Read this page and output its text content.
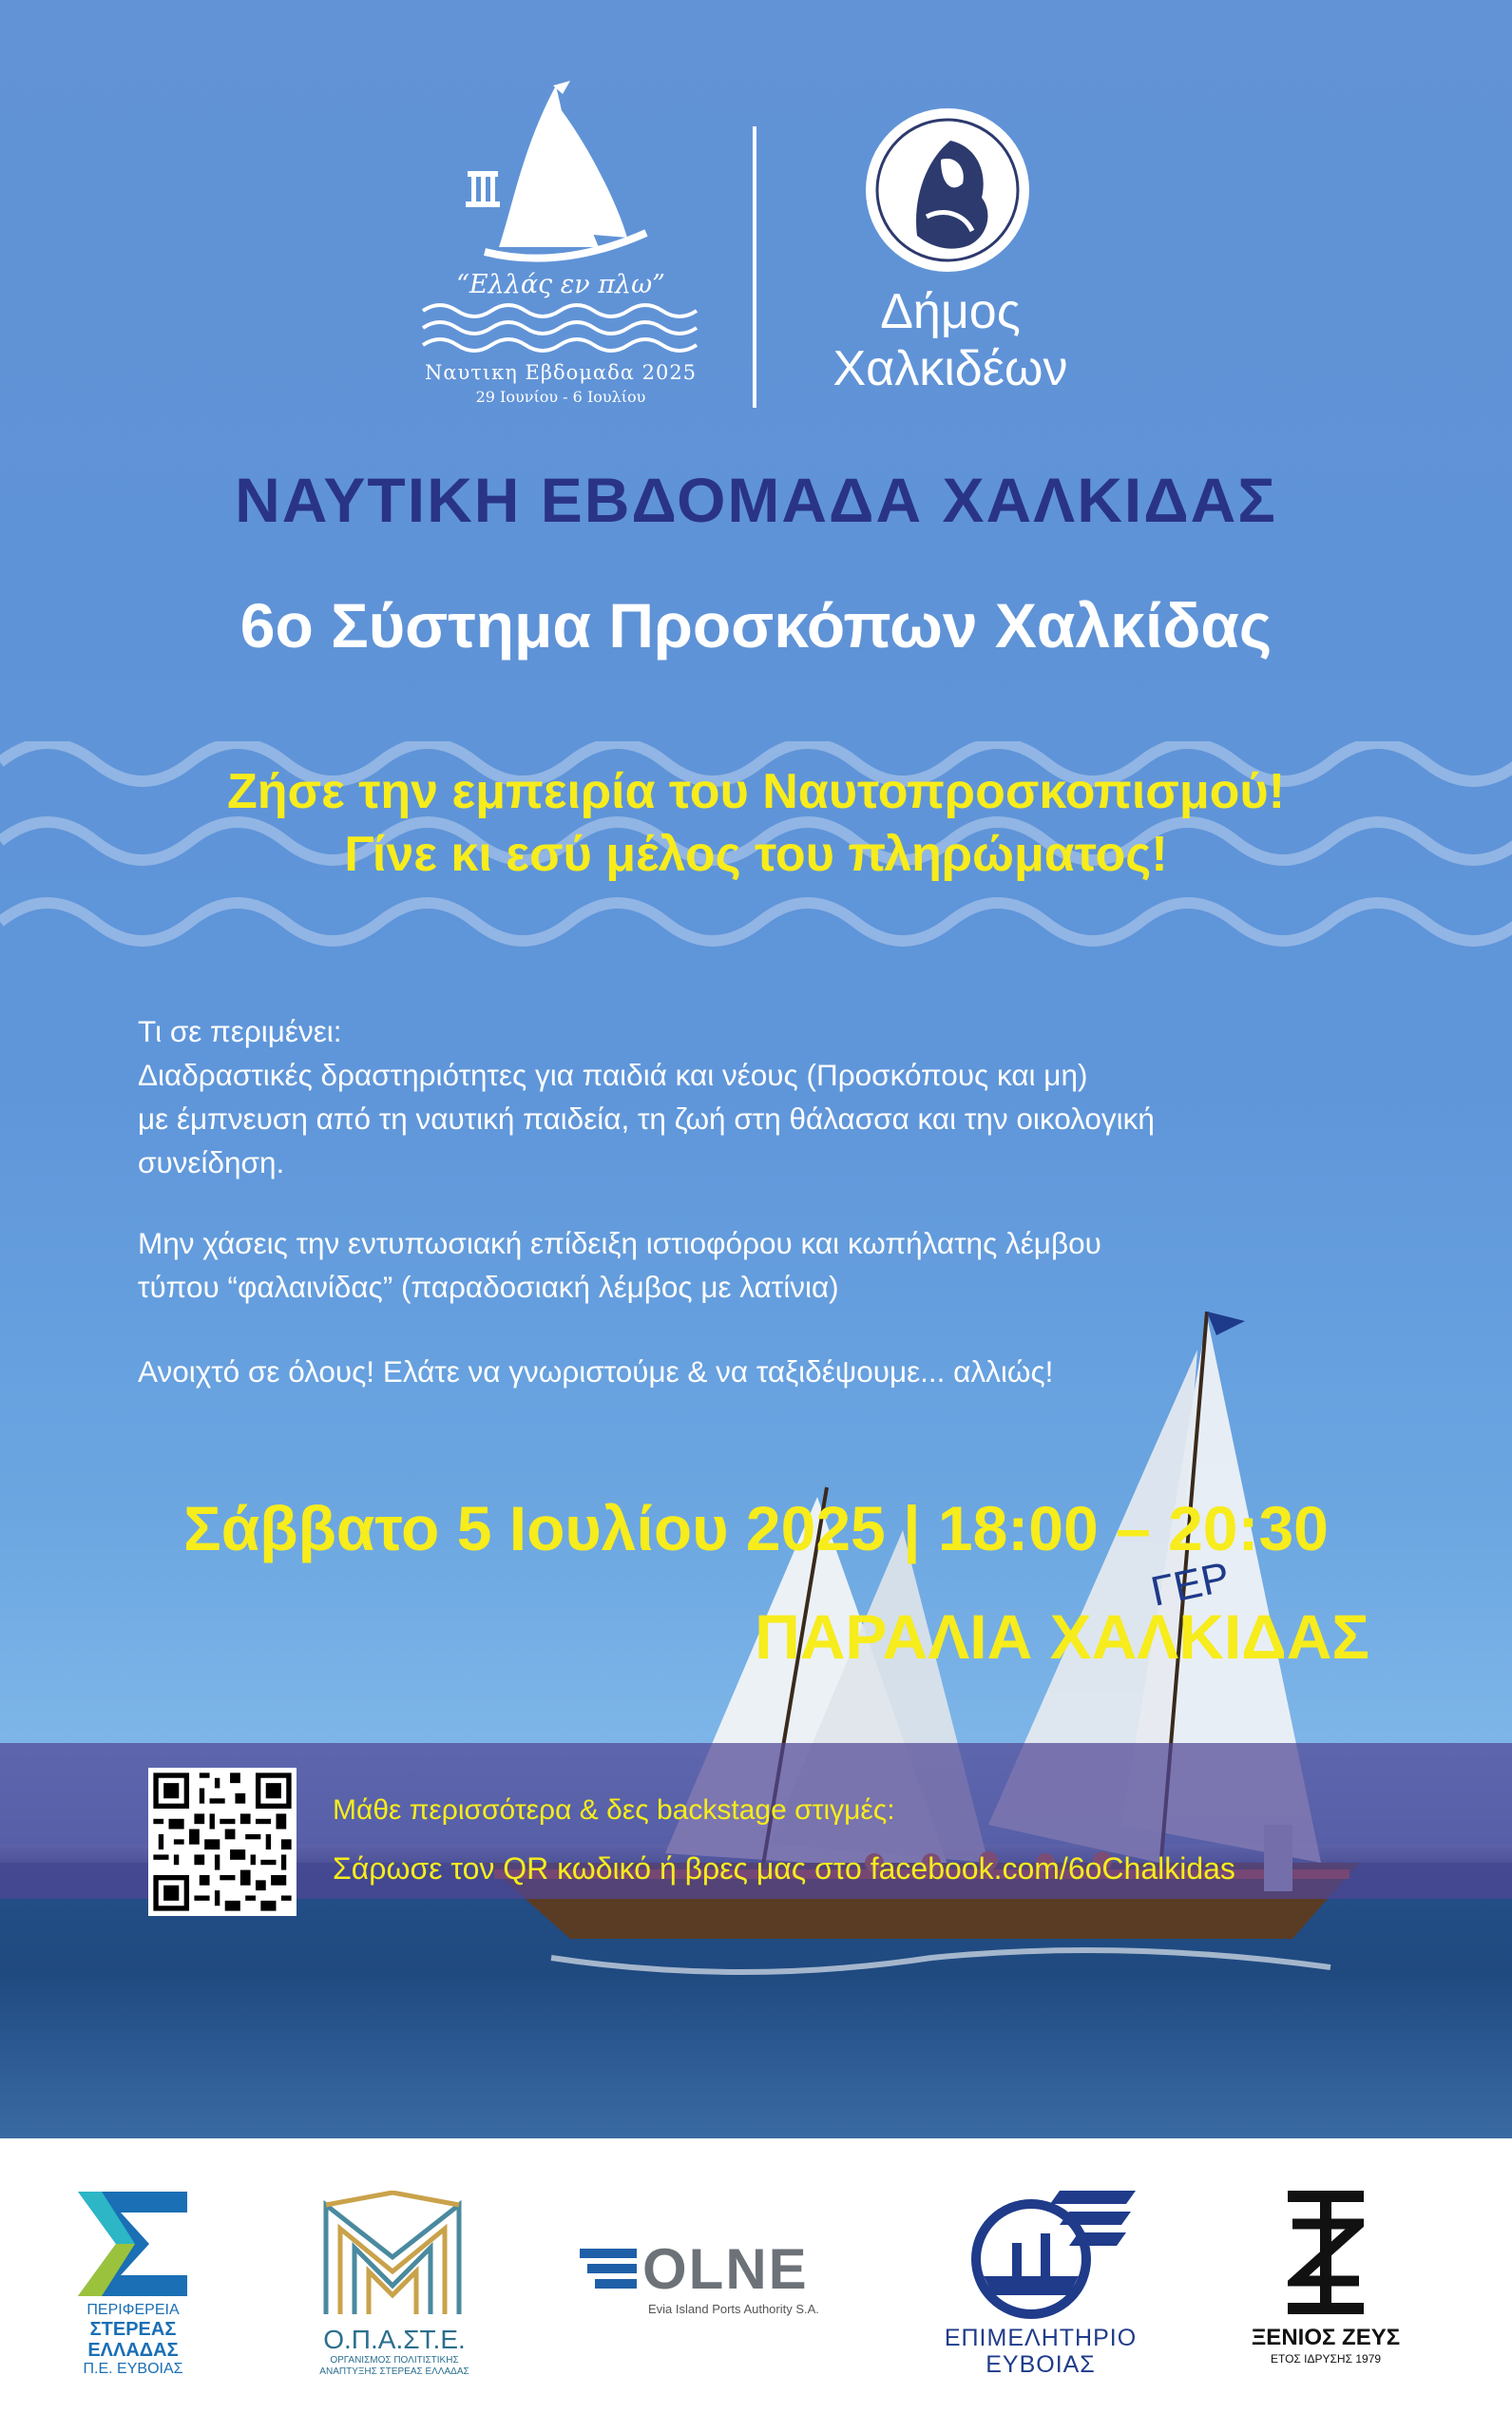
ΓΕΡ
“Ελλάς εν πλω”
Ναυτικη Εβδομαδα 2025
29 Ιουνίου - 6 Ιουλίου
Δήμος
Χαλκιδέων
ΝΑΥΤΙΚΗ ΕΒΔΟΜΑΔΑ ΧΑΛΚΙΔΑΣ
6ο Σύστημα Προσκόπων Χαλκίδας
Ζήσε την εμπειρία του Ναυτοπροσκοπισμού!
Γίνε κι εσύ μέλος του πληρώματος!
Τι σε περιμένει:
Διαδραστικές δραστηριότητες για παιδιά και νέους (Προσκόπους και μη)
με έμπνευση από τη ναυτική παιδεία, τη ζωή στη θάλασσα και την οικολογική
συνείδηση.
Μην χάσεις την εντυπωσιακή επίδειξη ιστιοφόρου και κωπήλατης λέμβου
τύπου “φαλαινίδας” (παραδοσιακή λέμβος με λατίνια)
Ανοιχτό σε όλους! Ελάτε να γνωριστούμε & να ταξιδέψουμε... αλλιώς!
Σάββατο 5 Ιουλίου 2025 | 18:00 – 20:30
ΠΑΡΑΛΙΑ ΧΑΛΚΙΔΑΣ
Μάθε περισσότερα & δες backstage στιγμές:
Σάρωσε τον QR κωδικό ή βρες μας στο facebook.com/6oChalkidas
ΠΕΡΙΦΕΡΕΙΑ
ΣΤΕΡΕΑΣ
ΕΛΛΑΔΑΣ
Π.Ε. ΕΥΒΟΙΑΣ
Ο.Π.Α.ΣΤ.Ε.
ΟΡΓΑΝΙΣΜΟΣ ΠΟΛΙΤΙΣΤΙΚΗΣ
ΑΝΑΠΤΥΞΗΣ ΣΤΕΡΕΑΣ ΕΛΛΑΔΑΣ
OLNE
Evia Island Ports Authority S.A.
ΕΠΙΜΕΛΗΤΗΡΙΟ
ΕΥΒΟΙΑΣ
ΞΕΝΙΟΣ ΖΕΥΣ
ΕΤΟΣ ΙΔΡΥΣΗΣ 1979
